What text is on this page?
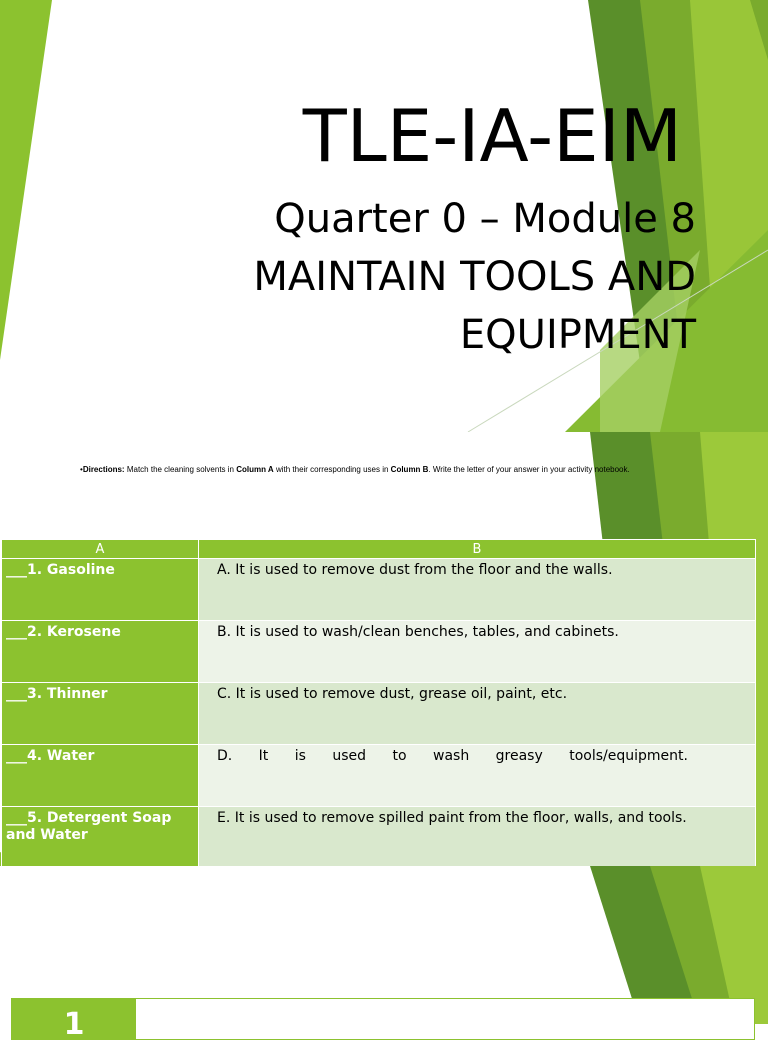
TLE-IA-EIM
Quarter 0 – Module 8
MAINTAIN TOOLS AND
EQUIPMENT
•Directions: Match the cleaning solvents in Column A with their corresponding uses in Column B. Write the letter of your answer in your activity notebook.
A	B
___1. Gasoline	A. It is used to remove dust from the floor and the walls.
___2. Kerosene	B. It is used to wash/clean benches, tables, and cabinets.
___3. Thinner	C. It is used to remove dust, grease oil, paint, etc.
___4. Water	D. It is used to wash greasy tools/equipment.
___5. Detergent Soap and Water	E. It is used to remove spilled paint from the floor, walls, and tools.
1
